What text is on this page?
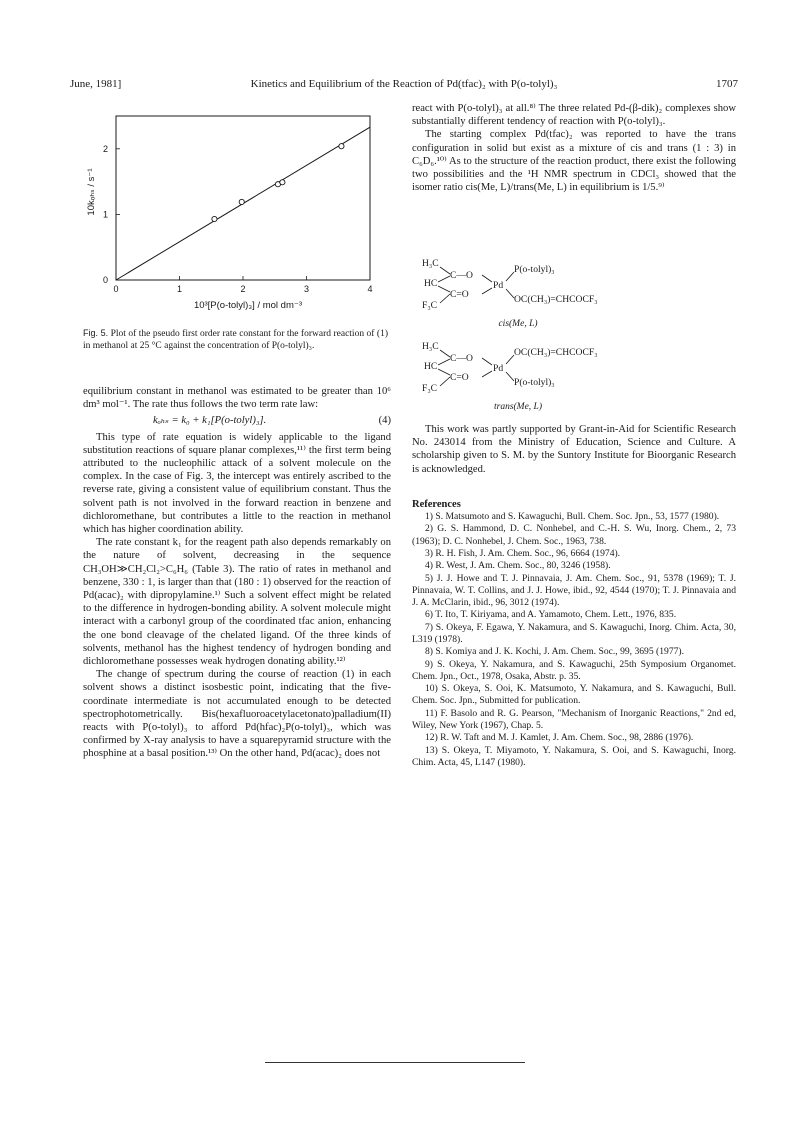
June, 1981]	Kinetics and Equilibrium of the Reaction of Pd(tfac)₂ with P(o-tolyl)₃	1707
0	1	2	3	4
0
1
2
10³[P(o-tolyl)₃] / mol dm⁻³
10kₒₕₛ / s⁻¹
Fig. 5. Plot of the pseudo first order rate constant for the forward reaction of (1) in methanol at 25 °C against the concentration of P(o-tolyl)₃.

equilibrium constant in methanol was estimated to be greater than 10⁶ dm³ mol⁻¹. The rate thus follows the two term rate law:

kₒₕₛ = k₀ + k₁[P(o-tolyl)₃].	(4)

This type of rate equation is widely applicable to the ligand substitution reactions of square planar complexes,¹¹⁾ the first term being attributed to the nucleophilic attack of a solvent molecule on the complex. In the case of Fig. 3, the intercept was entirely ascribed to the reverse rate, giving a consistent value of equilibrium constant. Thus the solvent path is not involved in the forward reaction in benzene and dichloromethane, but contributes a little to the reaction in methanol which has higher coordination ability.

The rate constant k₁ for the reagent path also depends remarkably on the nature of solvent, decreasing in the sequence CH₃OH≫CH₂Cl₂>C₆H₆ (Table 3). The ratio of rates in methanol and benzene, 330 : 1, is larger than that (180 : 1) observed for the reaction of Pd(acac)₂ with dipropylamine.¹⁾ Such a solvent effect might be related to the difference in hydrogen-bonding ability. A solvent molecule might interact with a carbonyl group of the coordinated tfac anion, enhancing the one bond cleavage of the chelated ligand. Of the three kinds of solvents, methanol has the highest tendency of hydrogen bonding and dichloromethane possesses weak hydrogen donating ability.¹²⁾

The change of spectrum during the course of reaction (1) in each solvent shows a distinct isosbestic point, indicating that the five-coordinate intermediate is not accumulated enough to be detected spectrophotometrically. Bis(hexafluoroacetylacetonato)palladium(II) reacts with P(o-tolyl)₃ to afford Pd(hfac)₂P(o-tolyl)₃, which was confirmed by X-ray analysis to have a squarepyramid structure with the phosphine at a basal position.¹³⁾ On the other hand, Pd(acac)₂ does not

react with P(o-tolyl)₃ at all.⁸⁾ The three related Pd-(β-dik)₂ complexes show substantially different tendency of reaction with P(o-tolyl)₃.

The starting complex Pd(tfac)₂ was reported to have the trans configuration in solid but exist as a mixture of cis and trans (1 : 3) in C₆D₆.¹⁰⁾ As to the structure of the reaction product, there exist the following two possibilities and the ¹H NMR spectrum in CDCl₃ showed that the isomer ratio cis(Me, L)/trans(Me, L) in equilibrium is 1/5.⁹⁾

H₃C
HC
F₃C
C—O
C=O
Pd
P(o-tolyl)₃
OC(CH₃)=CHCOCF₃
cis(Me, L)
H₃C
HC
F₃C
C—O
C=O
Pd
OC(CH₃)=CHCOCF₃
P(o-tolyl)₃
trans(Me, L)

This work was partly supported by Grant-in-Aid for Scientific Research No. 243014 from the Ministry of Education, Science and Culture. A scholarship given to S. M. by the Suntory Institute for Bioorganic Research is acknowledged.

References

1) S. Matsumoto and S. Kawaguchi, Bull. Chem. Soc. Jpn., 53, 1577 (1980).
2) G. S. Hammond, D. C. Nonhebel, and C.-H. S. Wu, Inorg. Chem., 2, 73 (1963); D. C. Nonhebel, J. Chem. Soc., 1963, 738.
3) R. H. Fish, J. Am. Chem. Soc., 96, 6664 (1974).
4) R. West, J. Am. Chem. Soc., 80, 3246 (1958).
5) J. J. Howe and T. J. Pinnavaia, J. Am. Chem. Soc., 91, 5378 (1969); T. J. Pinnavaia, W. T. Collins, and J. J. Howe, ibid., 92, 4544 (1970); T. J. Pinnavaia and J. A. McClarin, ibid., 96, 3012 (1974).
6) T. Ito, T. Kiriyama, and A. Yamamoto, Chem. Lett., 1976, 835.
7) S. Okeya, F. Egawa, Y. Nakamura, and S. Kawaguchi, Inorg. Chim. Acta, 30, L319 (1978).
8) S. Komiya and J. K. Kochi, J. Am. Chem. Soc., 99, 3695 (1977).
9) S. Okeya, Y. Nakamura, and S. Kawaguchi, 25th Symposium Organomet. Chem. Jpn., Oct., 1978, Osaka, Abstr. p. 35.
10) S. Okeya, S. Ooi, K. Matsumoto, Y. Nakamura, and S. Kawaguchi, Bull. Chem. Soc. Jpn., Submitted for publication.
11) F. Basolo and R. G. Pearson, "Mechanism of Inorganic Reactions," 2nd ed, Wiley, New York (1967), Chap. 5.
12) R. W. Taft and M. J. Kamlet, J. Am. Chem. Soc., 98, 2886 (1976).
13) S. Okeya, T. Miyamoto, Y. Nakamura, S. Ooi, and S. Kawaguchi, Inorg. Chim. Acta, 45, L147 (1980).
